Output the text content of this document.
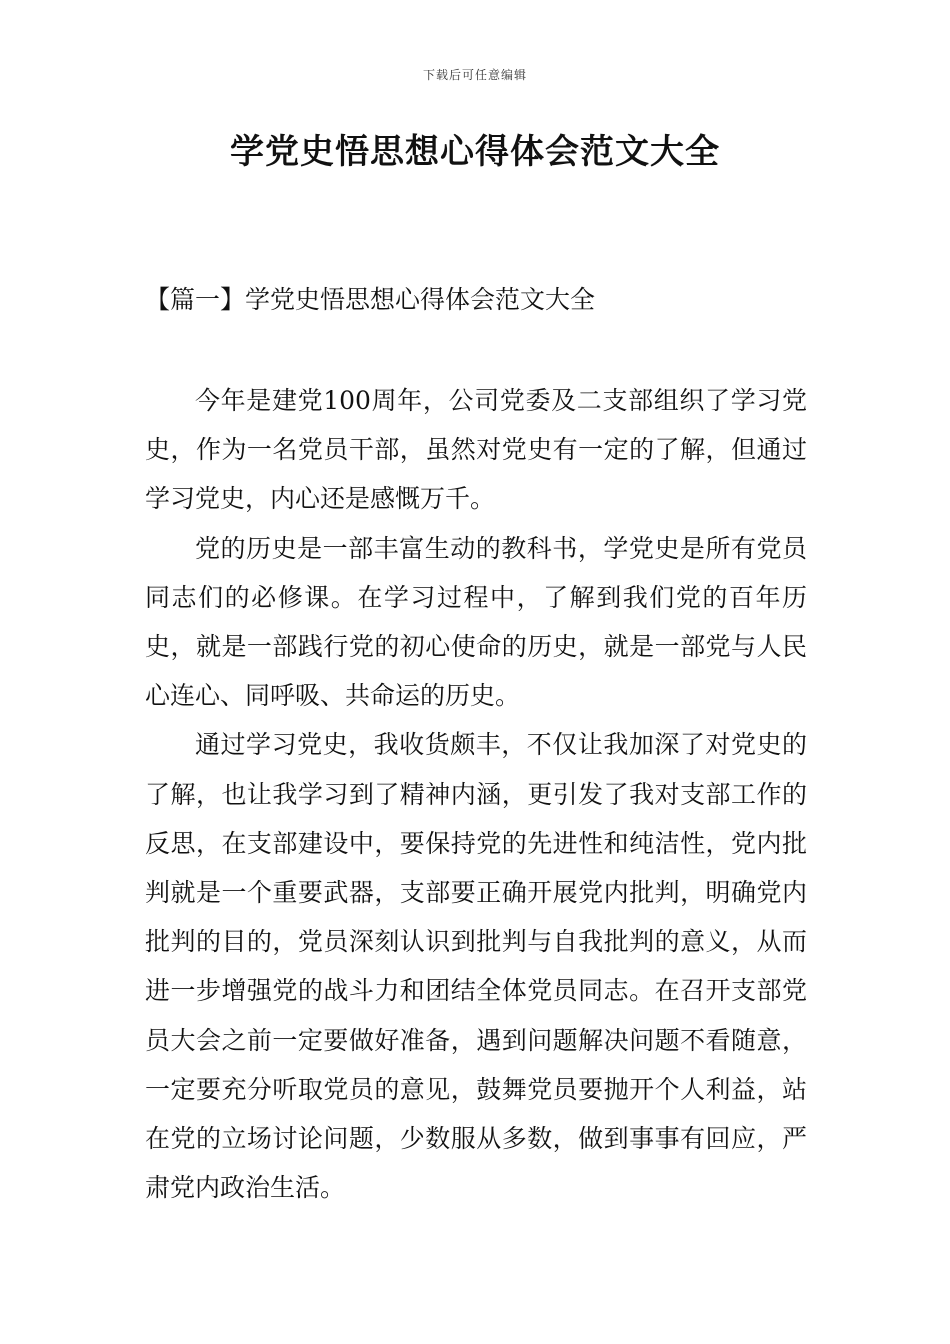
下载后可任意编辑
学党史悟思想心得体会范文大全
【篇一】学党史悟思想心得体会范文大全

今年是建党100周年，公司党委及二支部组织了学习党史，作为一名党员干部，虽然对党史有一定的了解，但通过学习党史，内心还是感慨万千。

党的历史是一部丰富生动的教科书，学党史是所有党员同志们的必修课。在学习过程中，了解到我们党的百年历史，就是一部践行党的初心使命的历史，就是一部党与人民心连心、同呼吸、共命运的历史。

通过学习党史，我收货颇丰，不仅让我加深了对党史的了解，也让我学习到了精神内涵，更引发了我对支部工作的反思，在支部建设中，要保持党的先进性和纯洁性，党内批判就是一个重要武器，支部要正确开展党内批判，明确党内批判的目的，党员深刻认识到批判与自我批判的意义，从而进一步增强党的战斗力和团结全体党员同志。在召开支部党员大会之前一定要做好准备，遇到问题解决问题不看随意，一定要充分听取党员的意见，鼓舞党员要抛开个人利益，站在党的立场讨论问题，少数服从多数，做到事事有回应，严肃党内政治生活。
